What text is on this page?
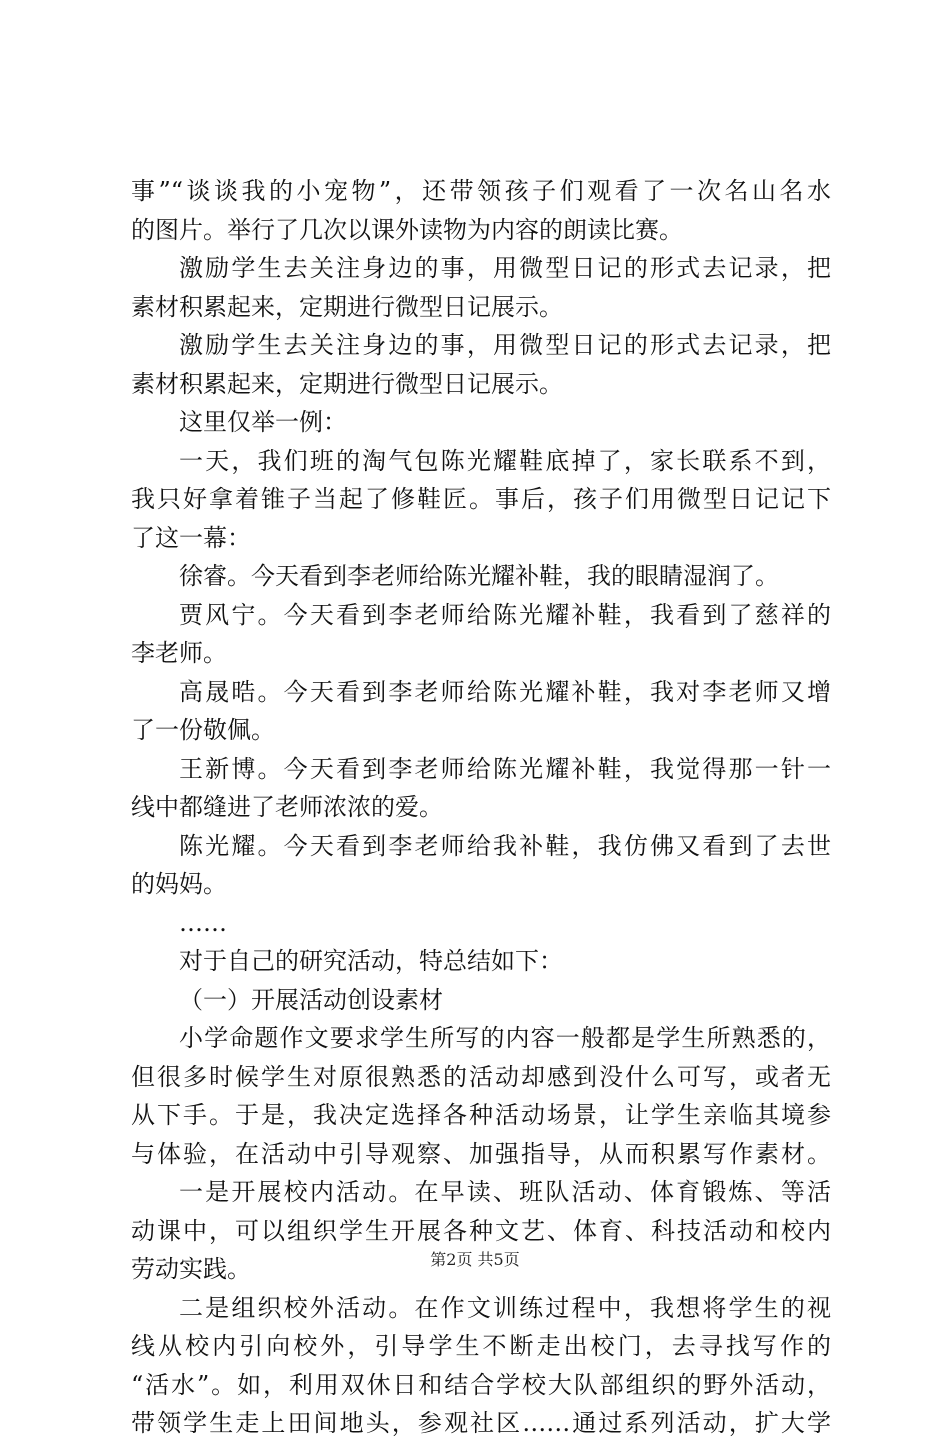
事”“谈谈我的小宠物”，还带领孩子们观看了一次名山名水
的图片。举行了几次以课外读物为内容的朗读比赛。
激励学生去关注身边的事，用微型日记的形式去记录，把
素材积累起来，定期进行微型日记展示。
激励学生去关注身边的事，用微型日记的形式去记录，把
素材积累起来，定期进行微型日记展示。
这里仅举一例：
一天，我们班的淘气包陈光耀鞋底掉了，家长联系不到，
我只好拿着锥子当起了修鞋匠。事后，孩子们用微型日记记下
了这一幕：
徐睿。今天看到李老师给陈光耀补鞋，我的眼睛湿润了。
贾风宁。今天看到李老师给陈光耀补鞋，我看到了慈祥的
李老师。
高晟晧。今天看到李老师给陈光耀补鞋，我对李老师又增
了一份敬佩。
王新博。今天看到李老师给陈光耀补鞋，我觉得那一针一
线中都缝进了老师浓浓的爱。
陈光耀。今天看到李老师给我补鞋，我仿佛又看到了去世
的妈妈。
……
对于自己的研究活动，特总结如下：
（一）开展活动创设素材
小学命题作文要求学生所写的内容一般都是学生所熟悉的，
但很多时候学生对原很熟悉的活动却感到没什么可写，或者无
从下手。于是，我决定选择各种活动场景，让学生亲临其境参
与体验，在活动中引导观察、加强指导，从而积累写作素材。
一是开展校内活动。在早读、班队活动、体育锻炼、等活
动课中，可以组织学生开展各种文艺、体育、科技活动和校内
劳动实践。
二是组织校外活动。在作文训练过程中，我想将学生的视
线从校内引向校外，引导学生不断走出校门，去寻找写作的
“活水”。如，利用双休日和结合学校大队部组织的野外活动，
带领学生走上田间地头，参观社区……通过系列活动，扩大学
第2页 共5页
